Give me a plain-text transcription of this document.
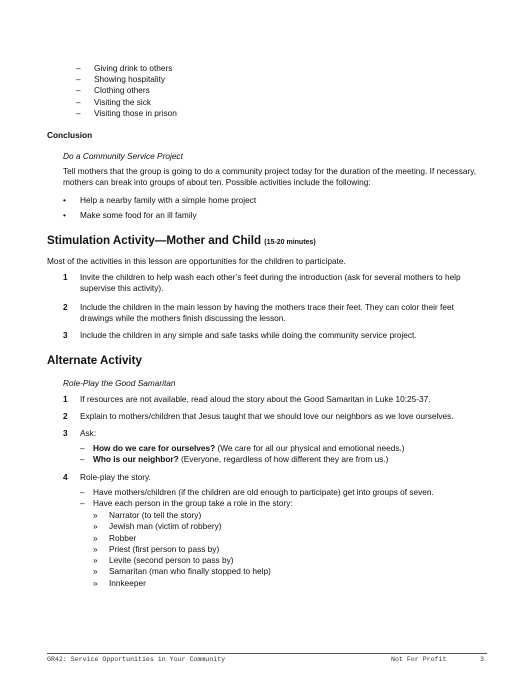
– Giving drink to others
– Showing hospitality
– Clothing others
– Visiting the sick
– Visiting those in prison
Conclusion
Do a Community Service Project
Tell mothers that the group is going to do a community project today for the duration of the meeting. If necessary, mothers can break into groups of about ten. Possible activities include the following:
• Help a nearby family with a simple home project
• Make some food for an ill family
Stimulation Activity—Mother and Child (15-20 minutes)
Most of the activities in this lesson are opportunities for the children to participate.
1 Invite the children to help wash each other’s feet during the introduction (ask for several mothers to help supervise this activity).
2 Include the children in the main lesson by having the mothers trace their feet. They can color their feet drawings while the mothers finish discussing the lesson.
3 Include the children in any simple and safe tasks while doing the community service project.
Alternate Activity
Role-Play the Good Samaritan
1 If resources are not available, read aloud the story about the Good Samaritan in Luke 10:25-37.
2 Explain to mothers/children that Jesus taught that we should love our neighbors as we love ourselves.
3 Ask:
– How do we care for ourselves? (We care for all our physical and emotional needs.)
– Who is our neighbor? (Everyone, regardless of how different they are from us.)
4 Role-play the story.
– Have mothers/children (if the children are old enough to participate) get into groups of seven.
– Have each person in the group take a role in the story:
» Narrator (to tell the story)
» Jewish man (victim of robbery)
» Robber
» Priest (first person to pass by)
» Levite (second person to pass by)
» Samaritan (man who finally stopped to help)
» Innkeeper
GR42: Service Opportunities in Your Community	Not For Profit	3
